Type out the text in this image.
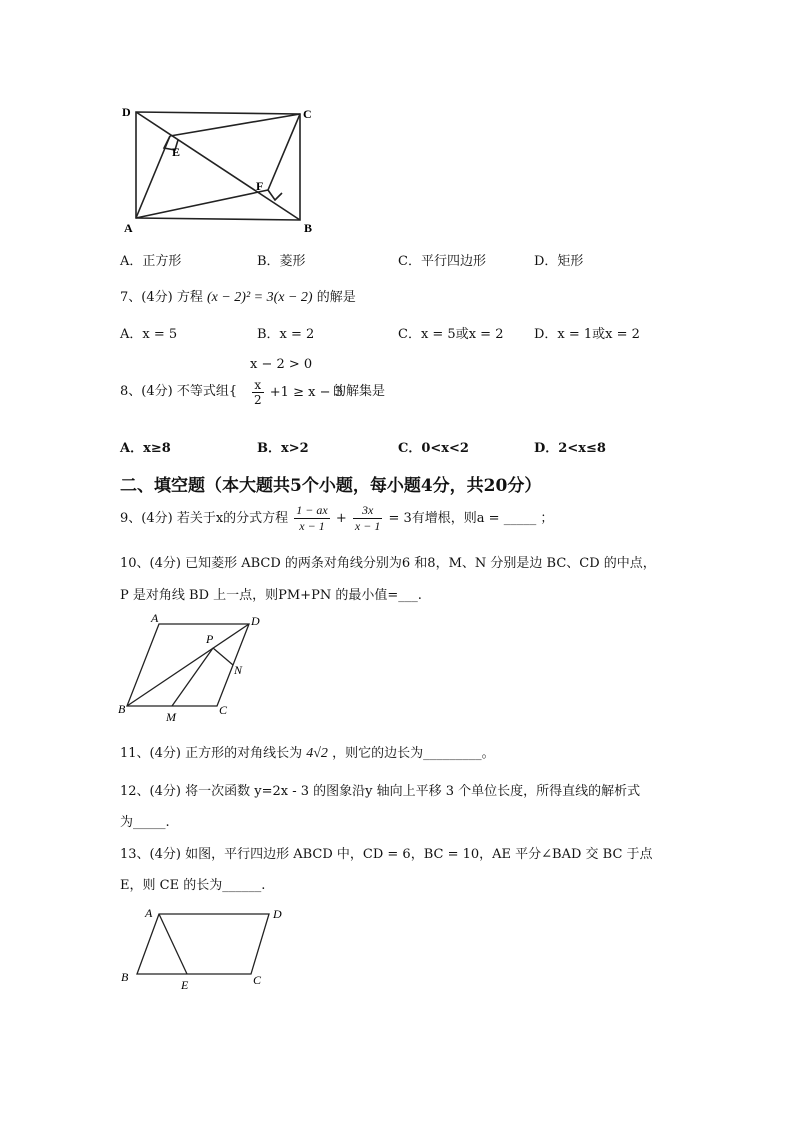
D	C
E
F
A	B
A．正方形	B．菱形	C．平行四边形	D．矩形
7、(4分) 方程 (x − 2)² = 3(x − 2) 的解是
A．x = 5	B．x = 2	C．x = 5或x = 2 D．x = 1或x = 2
8、(4分) 不等式组{
x − 2 > 0
$\frac{x}{2} +1 \ge x - 3$
的解集是
A．x≥8	B．x>2	C．0<x<2	D．2<x≤8
二、填空题（本大题共5个小题，每小题4分，共20分）
9、(4分) 若关于x的分式方程 $\frac{1 - ax}{x - 1} + \frac{3x}{x - 1} = 3$有增根，则a = _____ ；
10、(4分) 已知菱形 ABCD 的两条对角线分别为6 和8，M、N 分别是边 BC、CD 的中点，
P 是对角线 BD 上一点，则PM+PN 的最小值=___.
A	D
P
N
B
M	C
11、(4分) 正方形的对角线长为 4√2 ，则它的边长为_________。
12、(4分) 将一次函数 y=2x - 3 的图象沿y 轴向上平移 3 个单位长度，所得直线的解析式
为_____.
13、(4分) 如图，平行四边形 ABCD 中，CD = 6，BC = 10，AE 平分∠BAD 交 BC 于点
E，则 CE 的长为______.
A	D
B
E	C
